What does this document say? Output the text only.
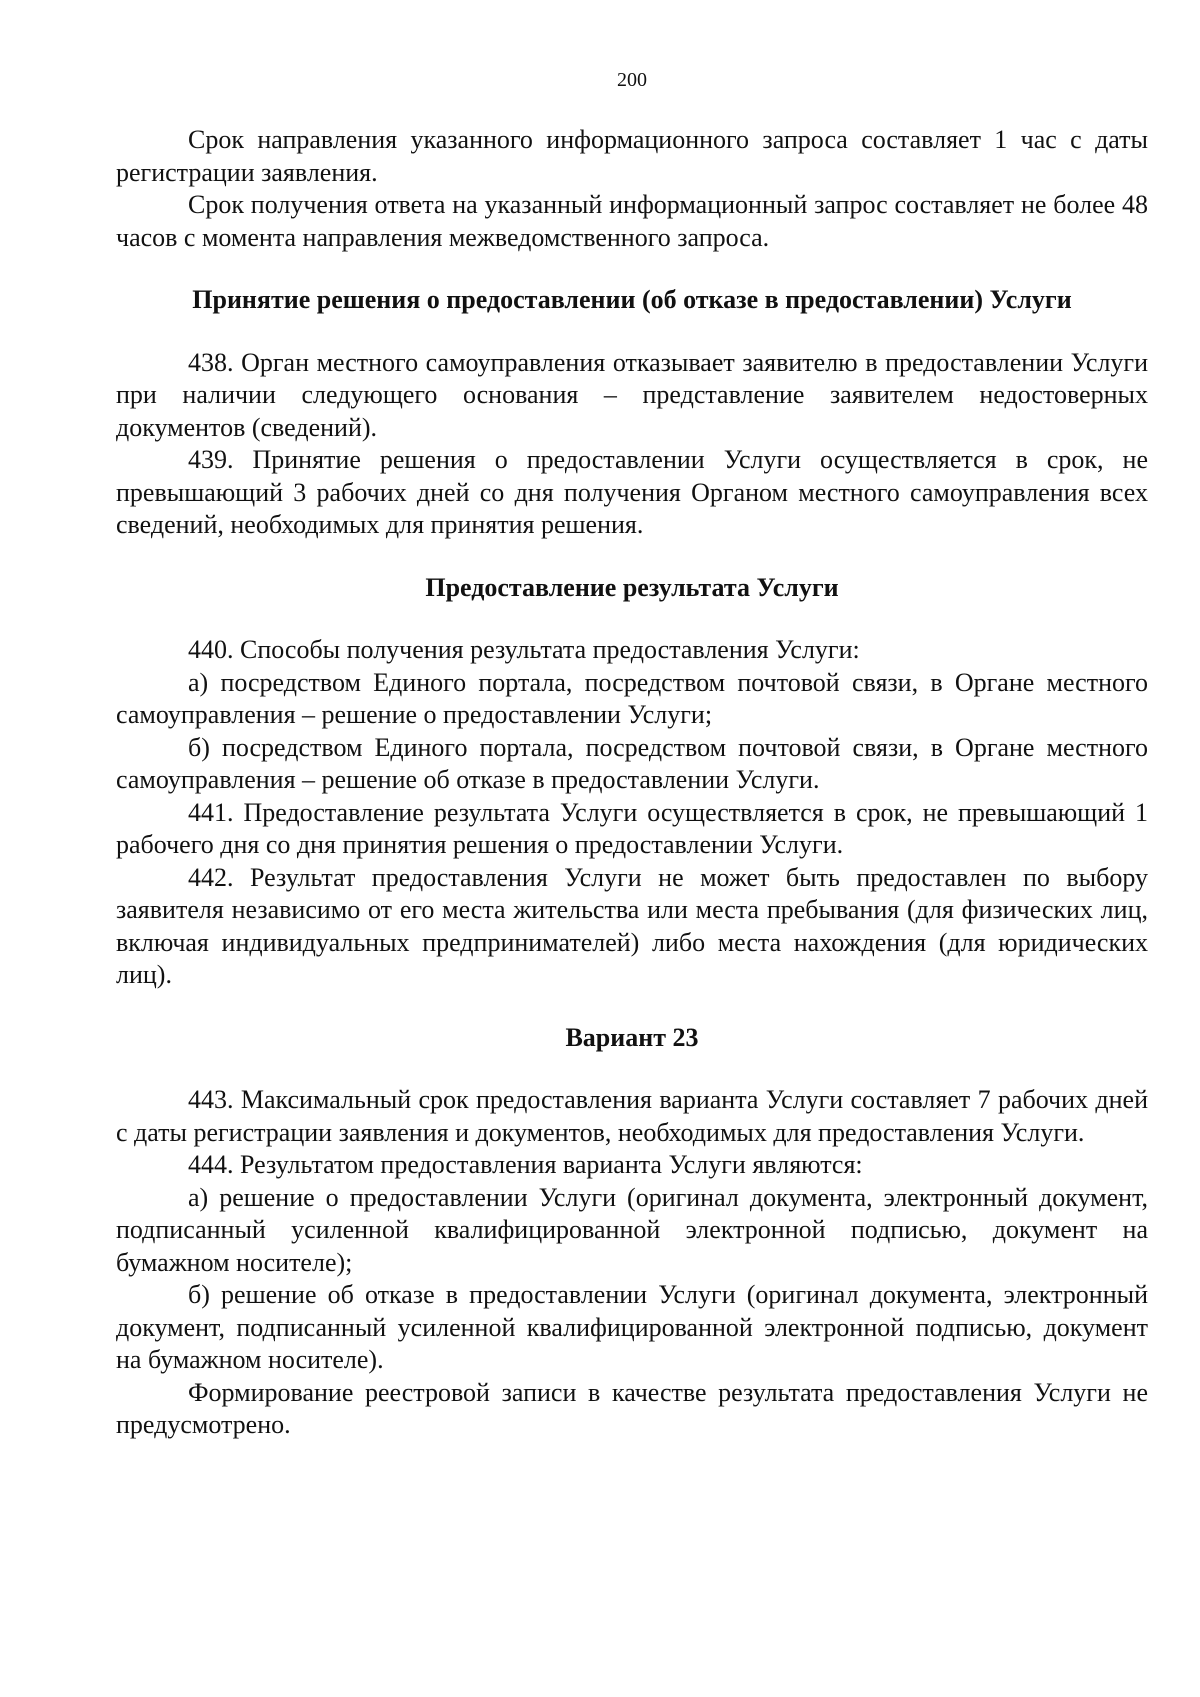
200

Срок направления указанного информационного запроса составляет 1 час с даты регистрации заявления.

Срок получения ответа на указанный информационный запрос составляет не более 48 часов с момента направления межведомственного запроса.

Принятие решения о предоставлении (об отказе в предоставлении) Услуги

438. Орган местного самоуправления отказывает заявителю в предоставлении Услуги при наличии следующего основания – представление заявителем недостоверных документов (сведений).

439. Принятие решения о предоставлении Услуги осуществляется в срок, не превышающий 3 рабочих дней со дня получения Органом местного самоуправления всех сведений, необходимых для принятия решения.

Предоставление результата Услуги

440. Способы получения результата предоставления Услуги:

а) посредством Единого портала, посредством почтовой связи, в Органе местного самоуправления – решение о предоставлении Услуги;

б) посредством Единого портала, посредством почтовой связи, в Органе местного самоуправления – решение об отказе в предоставлении Услуги.

441. Предоставление результата Услуги осуществляется в срок, не превышающий 1 рабочего дня со дня принятия решения о предоставлении Услуги.

442. Результат предоставления Услуги не может быть предоставлен по выбору заявителя независимо от его места жительства или места пребывания (для физических лиц, включая индивидуальных предпринимателей) либо места нахождения (для юридических лиц).

Вариант 23

443. Максимальный срок предоставления варианта Услуги составляет 7 рабочих дней с даты регистрации заявления и документов, необходимых для предоставления Услуги.

444. Результатом предоставления варианта Услуги являются:

а) решение о предоставлении Услуги (оригинал документа, электронный документ, подписанный усиленной квалифицированной электронной подписью, документ на бумажном носителе);

б) решение об отказе в предоставлении Услуги (оригинал документа, электронный документ, подписанный усиленной квалифицированной электронной подписью, документ на бумажном носителе).

Формирование реестровой записи в качестве результата предоставления Услуги не предусмотрено.
